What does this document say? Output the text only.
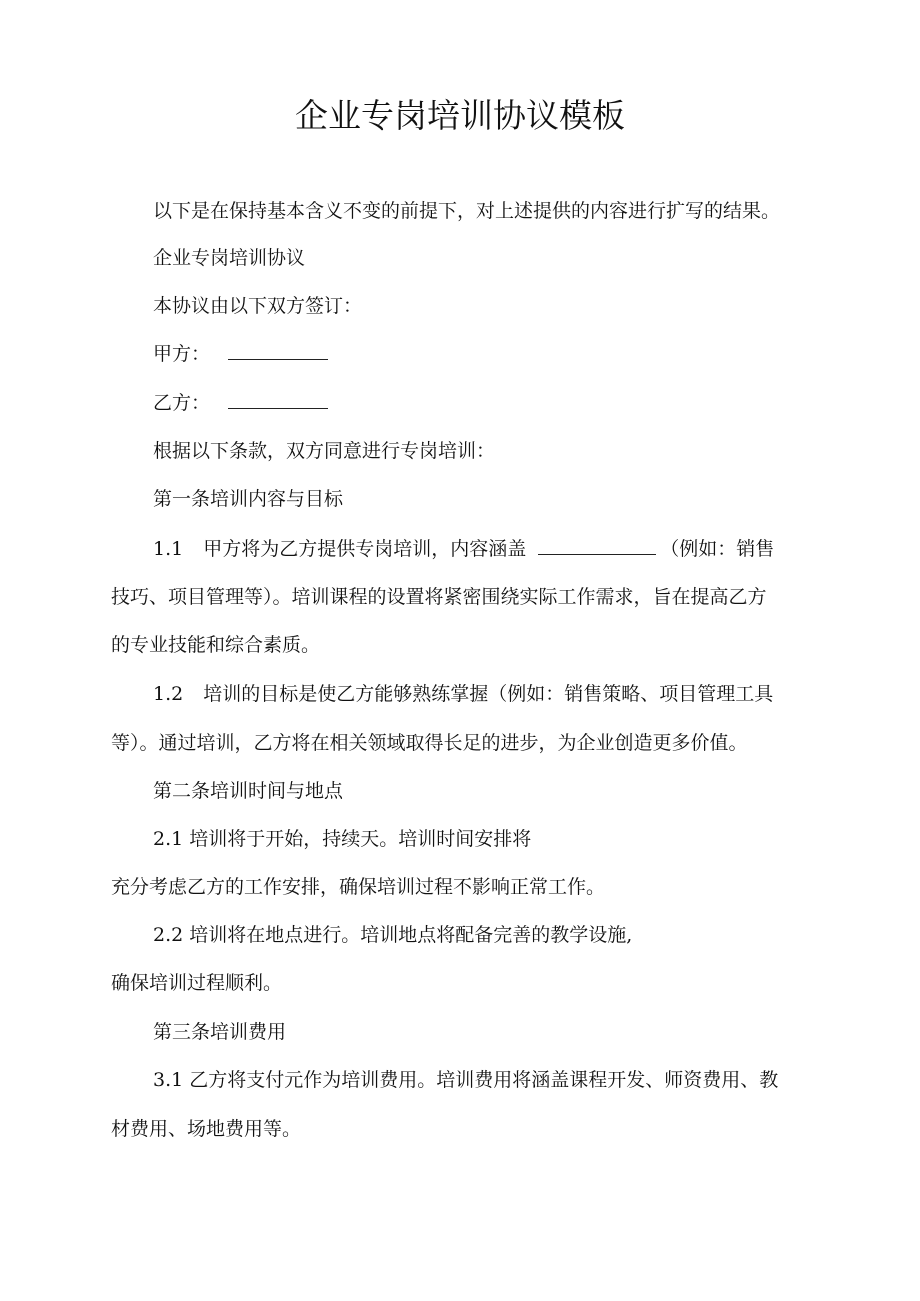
企业专岗培训协议模板
以下是在保持基本含义不变的前提下，对上述提供的内容进行扩写的结果。
企业专岗培训协议
本协议由以下双方签订：
甲方：
乙方：
根据以下条款，双方同意进行专岗培训：
第一条培训内容与目标
1.1 甲方将为乙方提供专岗培训，内容涵盖	（例如：销售
技巧、项目管理等）。培训课程的设置将紧密围绕实际工作需求，旨在提高乙方
的专业技能和综合素质。
1.2 培训的目标是使乙方能够熟练掌握（例如：销售策略、项目管理工具
等）。通过培训，乙方将在相关领域取得长足的进步，为企业创造更多价值。
第二条培训时间与地点
2.1 培训将于开始，持续天。培训时间安排将
充分考虑乙方的工作安排，确保培训过程不影响正常工作。
2.2 培训将在地点进行。培训地点将配备完善的教学设施,
确保培训过程顺利。
第三条培训费用
3.1 乙方将支付元作为培训费用。培训费用将涵盖课程开发、师资费用、教
材费用、场地费用等。
